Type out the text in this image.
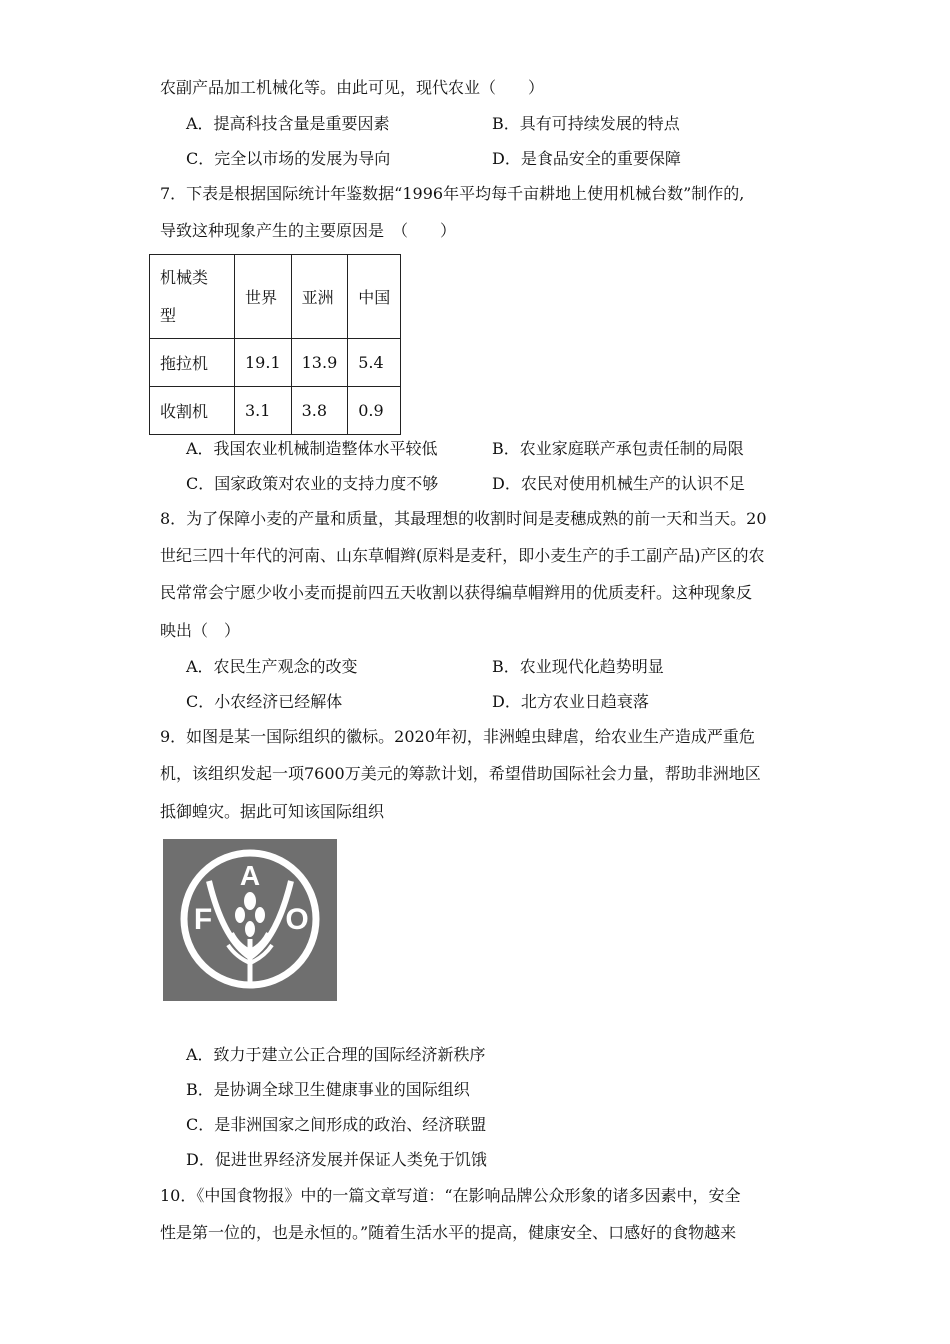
农副产品加工机械化等。由此可见，现代农业（　　）
A．提高科技含量是重要因素	B．具有可持续发展的特点
C．完全以市场的发展为导向	D．是食品安全的重要保障
7．下表是根据国际统计年鉴数据“1996年平均每千亩耕地上使用机械台数”制作的,
导致这种现象产生的主要原因是　（　　）
机械类
型	世界	亚洲	中国
拖拉机	19.1	13.9	5.4
收割机	3.1	3.8	0.9
A．我国农业机械制造整体水平较低	B．农业家庭联产承包责任制的局限
C．国家政策对农业的支持力度不够	D．农民对使用机械生产的认识不足
8．为了保障小麦的产量和质量，其最理想的收割时间是麦穗成熟的前一天和当天。20
世纪三四十年代的河南、山东草帽辫(原料是麦秆，即小麦生产的手工副产品)产区的农
民常常会宁愿少收小麦而提前四五天收割以获得编草帽辫用的优质麦秆。这种现象反
映出（　）
A．农民生产观念的改变	B．农业现代化趋势明显
C．小农经济已经解体	D．北方农业日趋衰落
9．如图是某一国际组织的徽标。2020年初，非洲蝗虫肆虐，给农业生产造成严重危
机，该组织发起一项7600万美元的筹款计划，希望借助国际社会力量，帮助非洲地区
抵御蝗灾。据此可知该国际组织
F
A
O
A．致力于建立公正合理的国际经济新秩序
B．是协调全球卫生健康事业的国际组织
C．是非洲国家之间形成的政治、经济联盟
D．促进世界经济发展并保证人类免于饥饿
10．《中国食物报》中的一篇文章写道：“在影响品牌公众形象的诸多因素中，安全
性是第一位的，也是永恒的。”随着生活水平的提高，健康安全、口感好的食物越来
